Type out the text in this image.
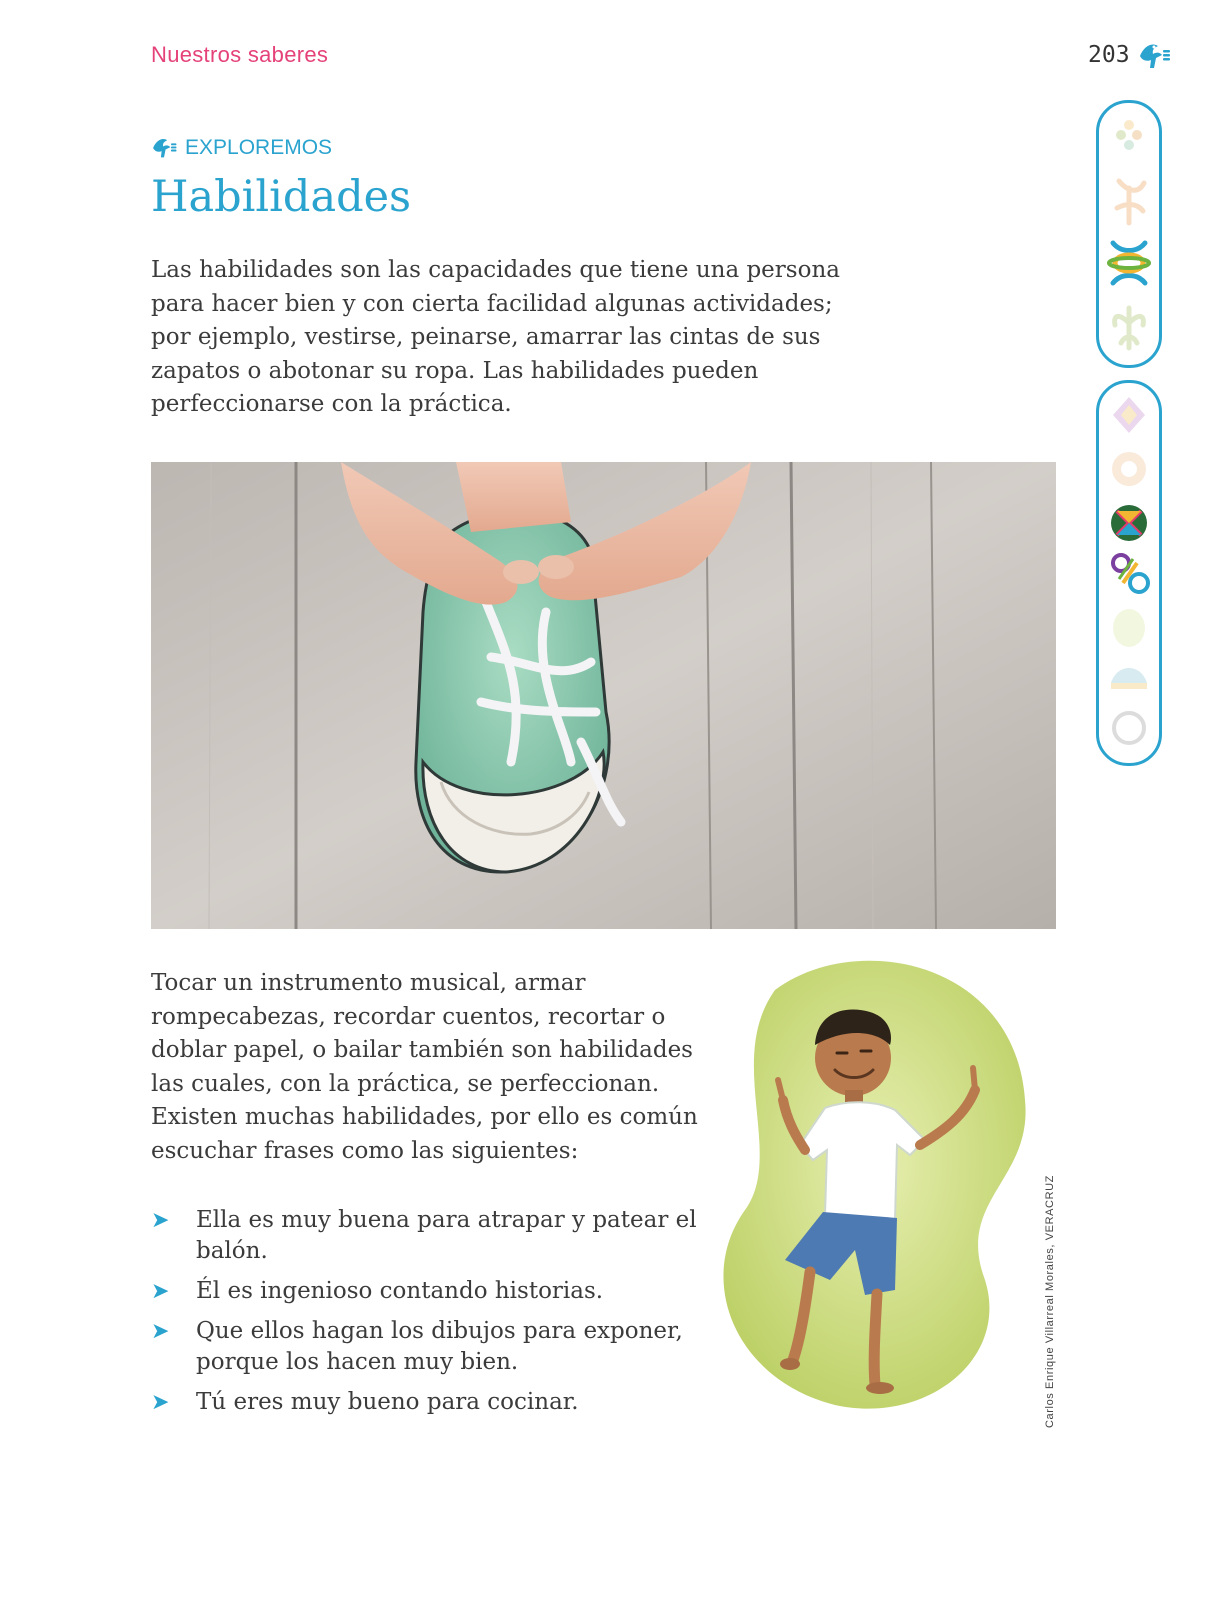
Nuestros saberes	203
EXPLOREMOS
Habilidades

Las habilidades son las capacidades que tiene una persona para hacer bien y con cierta facilidad algunas actividades; por ejemplo, vestirse, peinarse, amarrar las cintas de sus zapatos o abotonar su ropa. Las habilidades pueden perfeccionarse con la práctica.

Tocar un instrumento musical, armar rompecabezas, recordar cuentos, recortar o doblar papel, o bailar también son habilidades las cuales, con la práctica, se perfeccionan. Existen muchas habilidades, por ello es común escuchar frases como las siguientes:

➤ Ella es muy buena para atrapar y patear el balón.
➤ Él es ingenioso contando historias.
➤ Que ellos hagan los dibujos para exponer, porque los hacen muy bien.
➤ Tú eres muy bueno para cocinar.	Carlos Enrique Villarreal Morales, VERACRUZ
